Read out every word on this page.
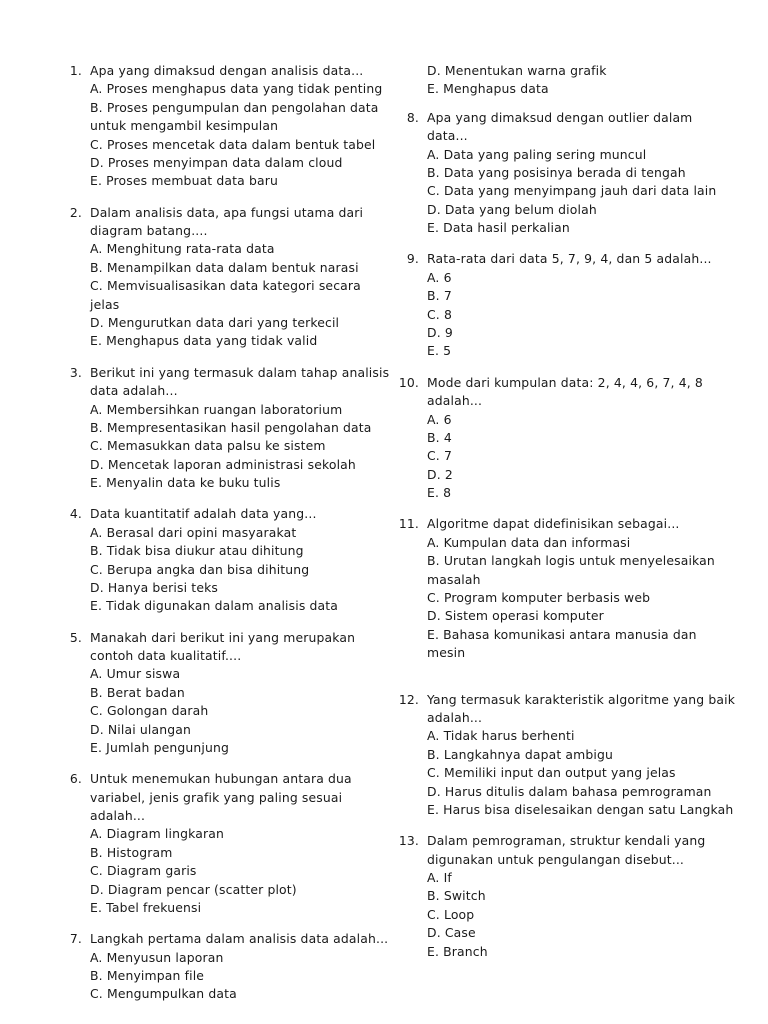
1. Apa yang dimaksud dengan analisis data...
A. Proses menghapus data yang tidak penting
B. Proses pengumpulan dan pengolahan data untuk mengambil kesimpulan
C. Proses mencetak data dalam bentuk tabel
D. Proses menyimpan data dalam cloud
E. Proses membuat data baru
2. Dalam analisis data, apa fungsi utama dari diagram batang....
A. Menghitung rata-rata data
B. Menampilkan data dalam bentuk narasi
C. Memvisualisasikan data kategori secara jelas
D. Mengurutkan data dari yang terkecil
E. Menghapus data yang tidak valid
3. Berikut ini yang termasuk dalam tahap analisis data adalah...
A. Membersihkan ruangan laboratorium
B. Mempresentasikan hasil pengolahan data
C. Memasukkan data palsu ke sistem
D. Mencetak laporan administrasi sekolah
E. Menyalin data ke buku tulis
4. Data kuantitatif adalah data yang...
A. Berasal dari opini masyarakat
B. Tidak bisa diukur atau dihitung
C. Berupa angka dan bisa dihitung
D. Hanya berisi teks
E. Tidak digunakan dalam analisis data
5. Manakah dari berikut ini yang merupakan contoh data kualitatif....
A. Umur siswa
B. Berat badan
C. Golongan darah
D. Nilai ulangan
E. Jumlah pengunjung
6. Untuk menemukan hubungan antara dua variabel, jenis grafik yang paling sesuai adalah...
A. Diagram lingkaran
B. Histogram
C. Diagram garis
D. Diagram pencar (scatter plot)
E. Tabel frekuensi
7. Langkah pertama dalam analisis data adalah...
A. Menyusun laporan
B. Menyimpan file
C. Mengumpulkan data
D. Menentukan warna grafik
E. Menghapus data
8. Apa yang dimaksud dengan outlier dalam data...
A. Data yang paling sering muncul
B. Data yang posisinya berada di tengah
C. Data yang menyimpang jauh dari data lain
D. Data yang belum diolah
E. Data hasil perkalian
9. Rata-rata dari data 5, 7, 9, 4, dan 5 adalah...
A. 6
B. 7
C. 8
D. 9
E. 5
10. Mode dari kumpulan data: 2, 4, 4, 6, 7, 4, 8 adalah...
A. 6
B. 4
C. 7
D. 2
E. 8
11. Algoritme dapat didefinisikan sebagai...
A. Kumpulan data dan informasi
B. Urutan langkah logis untuk menyelesaikan masalah
C. Program komputer berbasis web
D. Sistem operasi komputer
E. Bahasa komunikasi antara manusia dan mesin
12. Yang termasuk karakteristik algoritme yang baik adalah...
A. Tidak harus berhenti
B. Langkahnya dapat ambigu
C. Memiliki input dan output yang jelas
D. Harus ditulis dalam bahasa pemrograman
E. Harus bisa diselesaikan dengan satu Langkah
13. Dalam pemrograman, struktur kendali yang digunakan untuk pengulangan disebut...
A. If
B. Switch
C. Loop
D. Case
E. Branch
